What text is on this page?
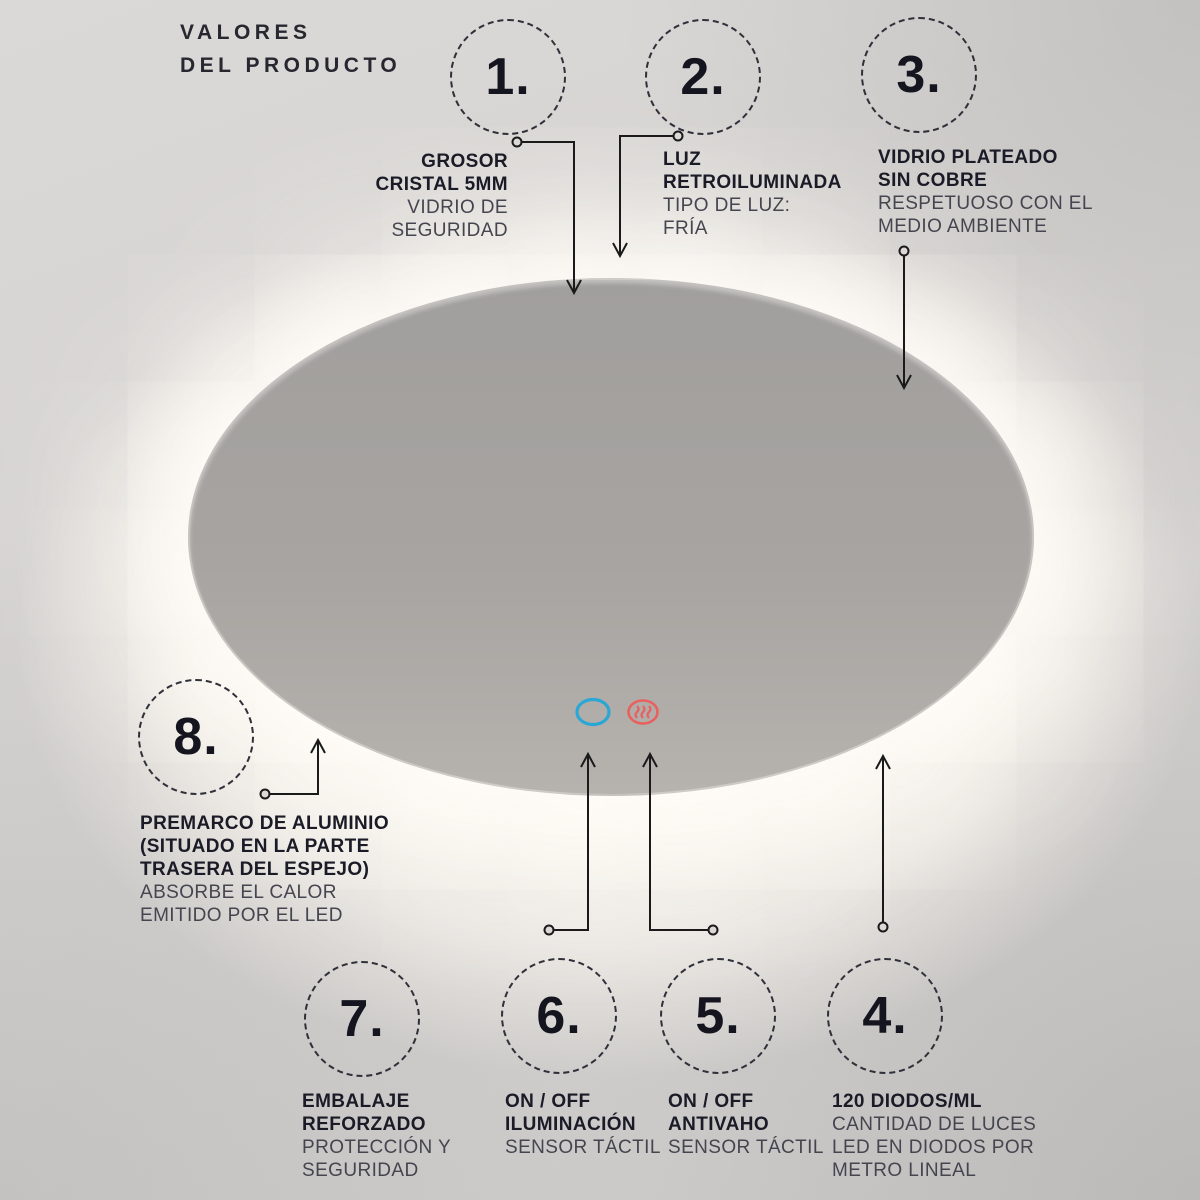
VALORES
DEL PRODUCTO 1.	2.	3.
4.
5.
6.
7.
8.
GROSOR
CRISTAL 5MM
VIDRIO DE
SEGURIDAD
LUZ
RETROILUMINADA
TIPO DE LUZ:
FRÍA
VIDRIO PLATEADO
SIN COBRE
RESPETUOSO CON EL
MEDIO AMBIENTE
PREMARCO DE ALUMINIO
(SITUADO EN LA PARTE
TRASERA DEL ESPEJO)
ABSORBE EL CALOR
EMITIDO POR EL LED
EMBALAJE
REFORZADO
PROTECCIÓN Y
SEGURIDAD
ON / OFF
ILUMINACIÓN
SENSOR TÁCTIL
ON / OFF
ANTIVAHO
SENSOR TÁCTIL
120 DIODOS/ML
CANTIDAD DE LUCES
LED EN DIODOS POR
METRO LINEAL
